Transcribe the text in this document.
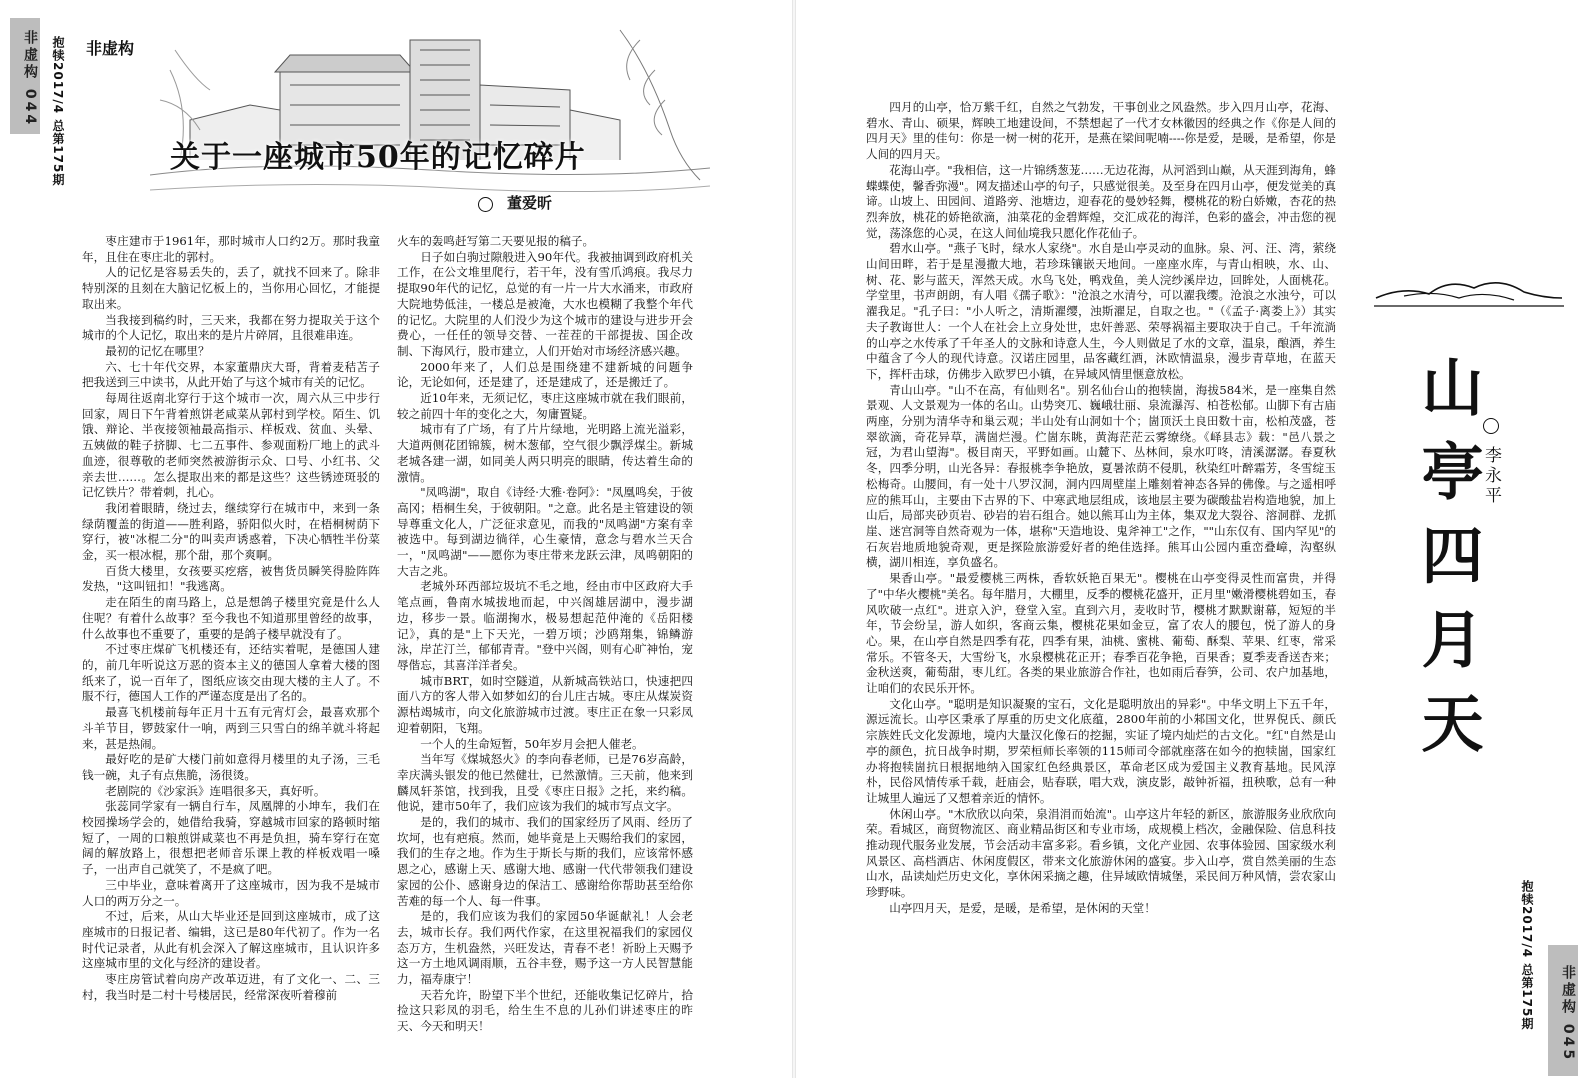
非虚构 044 抱犊2017/4 总第175期 非虚构
关于一座城市50年的记忆碎片
董爱昕

枣庄建市于1961年，那时城市人口约2万。那时我童年，且住在枣庄北的郭村。

人的记忆是容易丢失的，丢了，就找不回来了。除非特别深的且刻在大脑记忆板上的，当你用心回忆，才能提取出来。

当我接到稿约时，三天来，我都在努力提取关于这个城市的个人记忆，取出来的是片片碎屑，且很难串连。

最初的记忆在哪里？

六、七十年代交界，本家董鼎庆大哥，背着麦秸苫子把我送到三中读书，从此开始了与这个城市有关的记忆。

每周往返南北穿行于这个城市一次，周六从三中步行回家，周日下午背着煎饼老咸菜从郭村到学校。陌生、饥饿、辩论、半夜接领袖最高指示、样板戏、贫血、头晕、五姨做的鞋子挤脚、七二五事件、参观面粉厂地上的武斗血迹，很尊敬的老师突然被游街示众、口号、小红书、父亲去世……。怎么提取出来的都是这些？这些锈迹斑驳的记忆铁片？带着刺，扎心。

我闭着眼睛，绕过去，继续穿行在城市中，来到一条绿荫覆盖的街道——胜利路，骄阳似火时，在梧桐树荫下穿行，被"冰棍二分"的叫卖声诱惑着，下决心牺牲半份菜金，买一根冰棍，那个甜，那个爽啊。

百货大楼里，女孩要买疙瘩，被售货员瞬笑得脸阵阵发热，"这叫钮扣！"我逃离。

走在陌生的南马路上，总是想鸽子楼里究竟是什么人住呢？有着什么故事？至今我也不知道那里曾经的故事，什么故事也不重要了，重要的是鸽子楼早就没有了。

不过枣庄煤矿飞机楼还有，还结实着呢，是德国人建的，前几年听说这万恶的资本主义的德国人拿着大楼的图纸来了，说一百年了，图纸应该交由现大楼的主人了。不服不行，德国人工作的严谨态度是出了名的。

最喜飞机楼前每年正月十五有元宵灯会，最喜欢那个斗羊节目，锣鼓家什一响，两到三只雪白的绵羊就斗将起来，甚是热闹。

最好吃的是矿大楼门前如意得月楼里的丸子汤，三毛钱一碗，丸子有点焦脆，汤很烫。

老剧院的《沙家浜》连唱很多天，真好听。

张蕊同学家有一辆自行车，凤凰牌的小坤车，我们在校园操场学会的，她借给我骑，穿越城市回家的路顿时缩短了，一周的口粮煎饼咸菜也不再是负担，骑车穿行在宽阔的解放路上，很想把老师音乐课上教的样板戏唱一嗓子，一出声自己就笑了，不是疯了吧。

三中毕业，意味着离开了这座城市，因为我不是城市人口的两万分之一。

不过，后来，从山大毕业还是回到这座城市，成了这座城市的日报记者、编辑，这已是80年代初了。作为一名时代记录者，从此有机会深入了解这座城市，且认识许多这座城市里的文化与经济的建设者。

枣庄房管试着向房产改革迈进，有了文化一、二、三村，我当时是二村十号楼居民，经常深夜听着穆前

火车的轰鸣赶写第二天要见报的稿子。

日子如白驹过隙般进入90年代。我被抽调到政府机关工作，在公文堆里爬行，若干年，没有雪爪鸿痕。我尽力提取90年代的记忆，总觉的有一片一片大水涌来，市政府大院地势低洼，一楼总是被淹，大水也模糊了我整个年代的记忆。大院里的人们没少为这个城市的建设与进步开会费心，一任任的领导交替、一茬茬的干部提拔、国企改制、下海风行，股市建立，人们开始对市场经济感兴趣。

2000年来了，人们总是围绕建不建新城的问题争论，无论如何，还是建了，还是建成了，还是搬迁了。

近10年来，无须记忆，枣庄这座城市就在我们眼前，较之前四十年的变化之大，匆庸置疑。

城市有了广场，有了片片绿地，光明路上流光溢彩，大道两侧花团锦簇，树木葱郁，空气很少飘浮煤尘。新城老城各建一湖，如同美人两只明亮的眼睛，传达着生命的激情。

"凤鸣湖"，取自《诗经·大雅·卷阿》："凤凰鸣矣，于彼高冈；梧桐生矣，于彼朝阳。"之意。此名是主管建设的领导尊重文化人，广泛征求意见，而我的"凤鸣湖"方案有幸被选中。每到湖边徜徉，心生豪情，意念与碧水兰天合一，"凤鸣湖"——愿你为枣庄带来龙跃云津，凤鸣朝阳的大吉之兆。

老城外环西部垃圾坑不毛之地，经由市中区政府大手笔点画，鲁南水城拔地而起，中兴阁雄居湖中，漫步湖边，移步一景。临湖掬水，极易想起范仲淹的《岳阳楼记》，真的是"上下天光，一碧万顷；沙鸥翔集，锦鳞游泳，岸芷汀兰，郁郁青青。"登中兴阁，则有心旷神怡，宠辱偕忘，其喜洋洋者矣。

城市BRT，如时空隧道，从新城高铁站口，快速把四面八方的客人带入如梦如幻的台儿庄古城。枣庄从煤炭资源枯竭城市，向文化旅游城市过渡。枣庄正在象一只彩凤迎着朝阳，飞翔。

一个人的生命短暂，50年岁月会把人催老。

当年写《煤城怒火》的李向春老师，已是76岁高龄，幸庆满头银发的他已然健壮，已然激情。三天前，他来到麟凤轩茶馆，找到我，且受《枣庄日报》之托，来约稿。他说，建市50年了，我们应该为我们的城市写点文字。

是的，我们的城市、我们的国家经历了风雨、经历了坎坷，也有疤痕。然而，她毕竟是上天赐给我们的家园，我们的生存之地。作为生于斯长与斯的我们，应该常怀感恩之心，感谢上天、感谢大地、感谢一代代带领我们建设家园的公仆、感谢身边的保洁工、感谢给你帮助甚至给你苦难的每一个人、每一件事。

是的，我们应该为我们的家园50华诞献礼！人会老去，城市长存。我们两代作家，在这里祝福我们的家园仪态万方，生机盎然，兴旺发达，青春不老！祈盼上天赐予这一方土地风调雨顺，五谷丰登，赐予这一方人民智慧能力，福寿康宁！

天若允许，盼望下半个世纪，还能收集记忆碎片，拾捡这只彩凤的羽毛，给生生不息的儿孙们讲述枣庄的昨天、今天和明天！

四月的山亭，恰万紫千红，自然之气勃发，干事创业之风盎然。步入四月山亭，花海、碧水、青山、硕果，辉映工地建设间，不禁想起了一代才女林徽因的经典之作《你是人间的四月天》里的佳句：你是一树一树的花开，是燕在梁间呢喃----你是爱，是暖，是希望，你是人间的四月天。

花海山亭。"我相信，这一片锦绣葱茏……无边花海，从河滔到山巅，从天涯到海角，蜂蝶蝶使，馨香弥漫"。网友描述山亭的句子，只感觉很美。及至身在四月山亭，便发觉美的真谛。山坡上、田园间、道路旁、池塘边，迎春花的曼妙轻舞，樱桃花的粉白娇嫩，杏花的热烈奔放，桃花的娇艳欲滴，油菜花的金碧辉煌，交汇成花的海洋，色彩的盛会，冲击您的视觉，荡涤您的心灵，在这人间仙境我只愿化作花仙子。

碧水山亭。"燕子飞时，绿水人家绕"。水自是山亭灵动的血脉。泉、河、汪、湾，萦绕山间田畔，若于是星漫撒大地，若珍珠镶嵌天地间。一座座水库，与青山相映，水、山、树、花、影与蓝天，浑然天成。水鸟飞处，鸭戏鱼，美人浣纱溪岸边，回眸处，人面桃花。学堂里，书声朗朗，有人唱《孺子歌》："沧浪之水清兮，可以濯我缨。沧浪之水浊兮，可以濯我足。"孔子曰："小人听之，清斯濯缨，浊斯濯足，自取之也。"（《孟子·离娄上》）其实夫子教诲世人：一个人在社会上立身处世，忠奸善恶、荣辱祸福主要取决于自己。千年流淌的山亭之水传承了千年圣人的文脉和诗意人生，今人则做足了水的文章，温泉，酿酒，养生中蕴含了今人的现代诗意。汉诺庄园里，品客藏红酒，沐欧情温泉，漫步青草地，在蓝天下，挥杆击球，仿佛步入欧罗巴小镇，在异域风情里惬意放松。

青山山亭。"山不在高，有仙则名"。别名仙台山的抱犊崮，海拔584米，是一座集自然景观、人文景观为一体的名山。山势突兀、巍峨壮丽、泉流瀑泻、柏苍松郁。山脚下有古庙两座，分别为清华寺和巢云观；半山处有山洞如十个；崮顶沃土良田数十亩，松柏茂盛，苍翠欲滴，奇花异草，满崮烂漫。伫崮东眺，黄海茫茫云雾缭绕。《峄县志》载："邑八景之冠，为君山望海"。极目南天，平野如画。山麓下、丛林间，泉水叮咚，清溪潺潺。春夏秋冬，四季分明，山光各异：春报桃李争艳放，夏暑浓荫不侵肌，秋染红叶醉霜芳，冬雪绽玉松梅奇。山腰间，有一处十八罗汉洞，洞内四周壁崖上雕刻着神态各异的佛像。与之遥相呼应的熊耳山，主要由下古界的下、中寒武地层组成，该地层主要为碳酸盐岩构造地貌，加上山后，局部夹砂页岩、砂岩的岩石组合。她以熊耳山为主体，集双龙大裂谷、溶洞群、龙抓崖、迷宫洞等自然奇观为一体，堪称"天造地设、鬼斧神工"之作，""山东仅有、国内罕见"的石灰岩地质地貌奇观，更是探险旅游爱好者的绝佳选择。熊耳山公园内重峦叠嶂，沟壑纵横，湖川相连，享负盛名。

果香山亭。"最爱樱桃三两株，香软妖艳百果无"。樱桃在山亭变得灵性而富贵，并得了"中华火樱桃"美名。每年腊月，大棚里，反季的樱桃花盛开，正月里"嫩滑樱桃碧如玉，春风吹破一点红"。进京入沪，登堂入室。直到六月，麦收时节，樱桃才默默谢幕，短短的半年，节会纷呈，游人如织，客商云集，樱桃花果如金豆，富了农人的腰包，悦了游人的身心。果，在山亭自然是四季有花，四季有果，油桃、蜜桃、葡萄、酥梨、苹果、红枣，常采常乐。不管冬天，大雪纷飞，水泉樱桃花正开；春季百花争艳，百果香；夏季麦香送杏来；金秋送爽，葡萄甜，枣儿红。各类的果业旅游合作社，也如雨后春笋，公司、农户加基地，让咱们的农民乐开怀。

文化山亭。"聪明是知识凝聚的宝石，文化是聪明放出的异彩"。中华文明上下五千年，源远流长。山亭区秉承了厚重的历史文化底蕴，2800年前的小邾国文化，世界倪氏、颜氏宗族姓氏文化发源地，境内大量汉化像石的挖掘，实证了境内灿烂的古文化。"红"自然是山亭的颜色，抗日战争时期，罗荣桓师长率领的115师司令部就座落在如今的抱犊崮，国家红办将抱犊崮抗日根据地纳入国家红色经典景区，革命老区成为爱国主义教育基地。民风淳朴，民俗风情传承千载，赶庙会，贴春联，唱大戏，演皮影，敲钟祈福，扭秧歌，总有一种让城里人遍远了又想着亲近的情怀。

休闲山亭。"木欣欣以向荣，泉涓涓而始流"。山亭这片年轻的新区，旅游服务业欣欣向荣。看城区，商贸物流区、商业精品街区和专业市场，成规模上档次，金融保险、信息科技推动现代服务业发展，节会活动丰富多彩。看乡镇，文化产业园、农事体验园、国家级水利风景区、高档酒店、休闲度假区，带来文化旅游休闲的盛宴。步入山亭，赏自然美丽的生态山水，品读灿烂历史文化，享休闲采摘之趣，住异域欧情城堡，采民间万种风情，尝农家山珍野味。

山亭四月天，是爱，是暖，是希望，是休闲的天堂！

山亭四月天
李永平
抱犊2017/4 总第175期	非虚构 045
